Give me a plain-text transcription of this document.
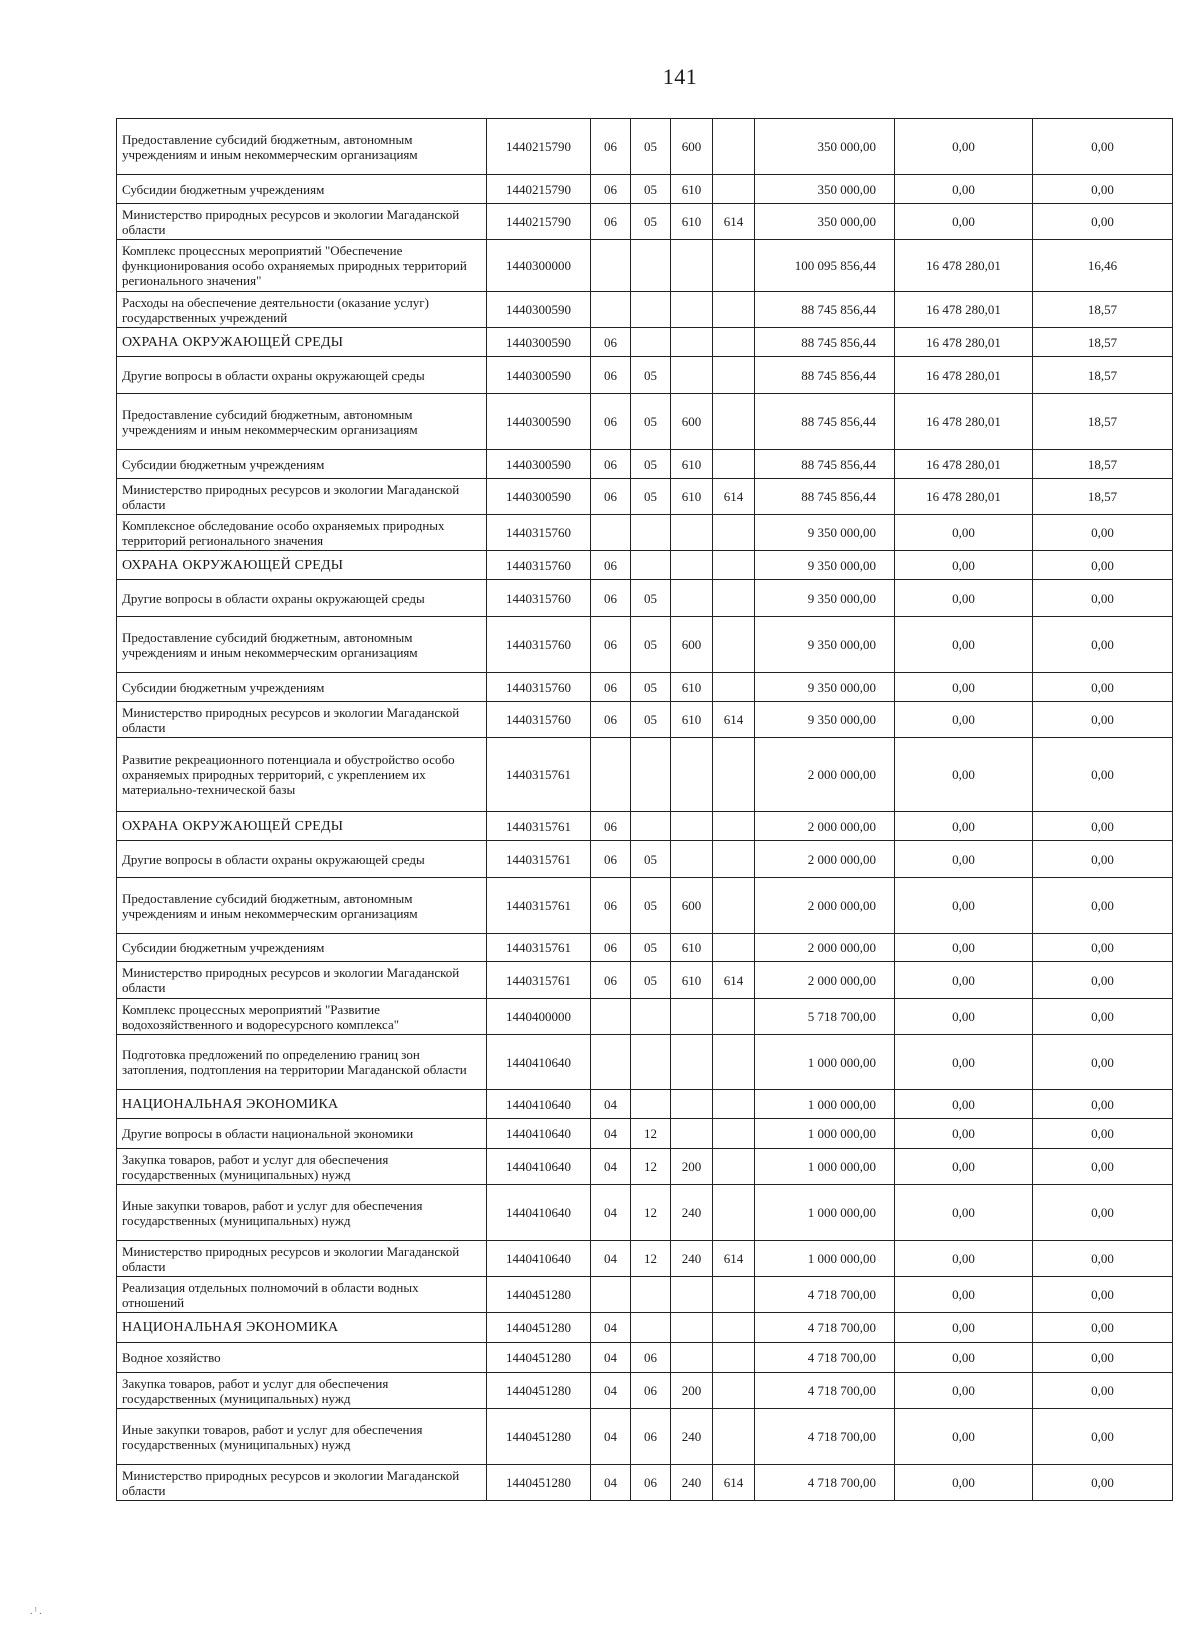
141
Предоставление субсидий бюджетным, автономным учреждениям и иным некоммерческим организациям	1440215790	06	05	600		350 000,00	0,00	0,00
Субсидии бюджетным учреждениям	1440215790	06	05	610		350 000,00	0,00	0,00
Министерство природных ресурсов и экологии Магаданской области	1440215790	06	05	610	614	350 000,00	0,00	0,00
Комплекс процессных мероприятий "Обеспечение функционирования особо охраняемых природных территорий регионального значения"	1440300000					100 095 856,44	16 478 280,01	16,46
Расходы на обеспечение деятельности (оказание услуг) государственных учреждений	1440300590					88 745 856,44	16 478 280,01	18,57
ОХРАНА ОКРУЖАЮЩЕЙ СРЕДЫ	1440300590	06				88 745 856,44	16 478 280,01	18,57
Другие вопросы в области охраны окружающей среды	1440300590	06	05			88 745 856,44	16 478 280,01	18,57
Предоставление субсидий бюджетным, автономным учреждениям и иным некоммерческим организациям	1440300590	06	05	600		88 745 856,44	16 478 280,01	18,57
Субсидии бюджетным учреждениям	1440300590	06	05	610		88 745 856,44	16 478 280,01	18,57
Министерство природных ресурсов и экологии Магаданской области	1440300590	06	05	610	614	88 745 856,44	16 478 280,01	18,57
Комплексное обследование особо охраняемых природных территорий регионального значения	1440315760					9 350 000,00	0,00	0,00
ОХРАНА ОКРУЖАЮЩЕЙ СРЕДЫ	1440315760	06				9 350 000,00	0,00	0,00
Другие вопросы в области охраны окружающей среды	1440315760	06	05			9 350 000,00	0,00	0,00
Предоставление субсидий бюджетным, автономным учреждениям и иным некоммерческим организациям	1440315760	06	05	600		9 350 000,00	0,00	0,00
Субсидии бюджетным учреждениям	1440315760	06	05	610		9 350 000,00	0,00	0,00
Министерство природных ресурсов и экологии Магаданской области	1440315760	06	05	610	614	9 350 000,00	0,00	0,00
Развитие рекреационного потенциала и обустройство особо охраняемых природных территорий, с укреплением их материально-технической базы	1440315761					2 000 000,00	0,00	0,00
ОХРАНА ОКРУЖАЮЩЕЙ СРЕДЫ	1440315761	06				2 000 000,00	0,00	0,00
Другие вопросы в области охраны окружающей среды	1440315761	06	05			2 000 000,00	0,00	0,00
Предоставление субсидий бюджетным, автономным учреждениям и иным некоммерческим организациям	1440315761	06	05	600		2 000 000,00	0,00	0,00
Субсидии бюджетным учреждениям	1440315761	06	05	610		2 000 000,00	0,00	0,00
Министерство природных ресурсов и экологии Магаданской области	1440315761	06	05	610	614	2 000 000,00	0,00	0,00
Комплекс процессных мероприятий "Развитие водохозяйственного и водоресурсного комплекса"	1440400000					5 718 700,00	0,00	0,00
Подготовка предложений по определению границ зон затопления, подтопления на территории Магаданской области	1440410640					1 000 000,00	0,00	0,00
НАЦИОНАЛЬНАЯ ЭКОНОМИКА	1440410640	04				1 000 000,00	0,00	0,00
Другие вопросы в области национальной экономики	1440410640	04	12			1 000 000,00	0,00	0,00
Закупка товаров, работ и услуг для обеспечения государственных (муниципальных) нужд	1440410640	04	12	200		1 000 000,00	0,00	0,00
Иные закупки товаров, работ и услуг для обеспечения государственных (муниципальных) нужд	1440410640	04	12	240		1 000 000,00	0,00	0,00
Министерство природных ресурсов и экологии Магаданской области	1440410640	04	12	240	614	1 000 000,00	0,00	0,00
Реализация отдельных полномочий в области водных отношений	1440451280					4 718 700,00	0,00	0,00
НАЦИОНАЛЬНАЯ ЭКОНОМИКА	1440451280	04				4 718 700,00	0,00	0,00
Водное хозяйство	1440451280	04	06			4 718 700,00	0,00	0,00
Закупка товаров, работ и услуг для обеспечения государственных (муниципальных) нужд	1440451280	04	06	200		4 718 700,00	0,00	0,00
Иные закупки товаров, работ и услуг для обеспечения государственных (муниципальных) нужд	1440451280	04	06	240		4 718 700,00	0,00	0,00
Министерство природных ресурсов и экологии Магаданской области	1440451280	04	06	240	614	4 718 700,00	0,00	0,00
. ˡ .
